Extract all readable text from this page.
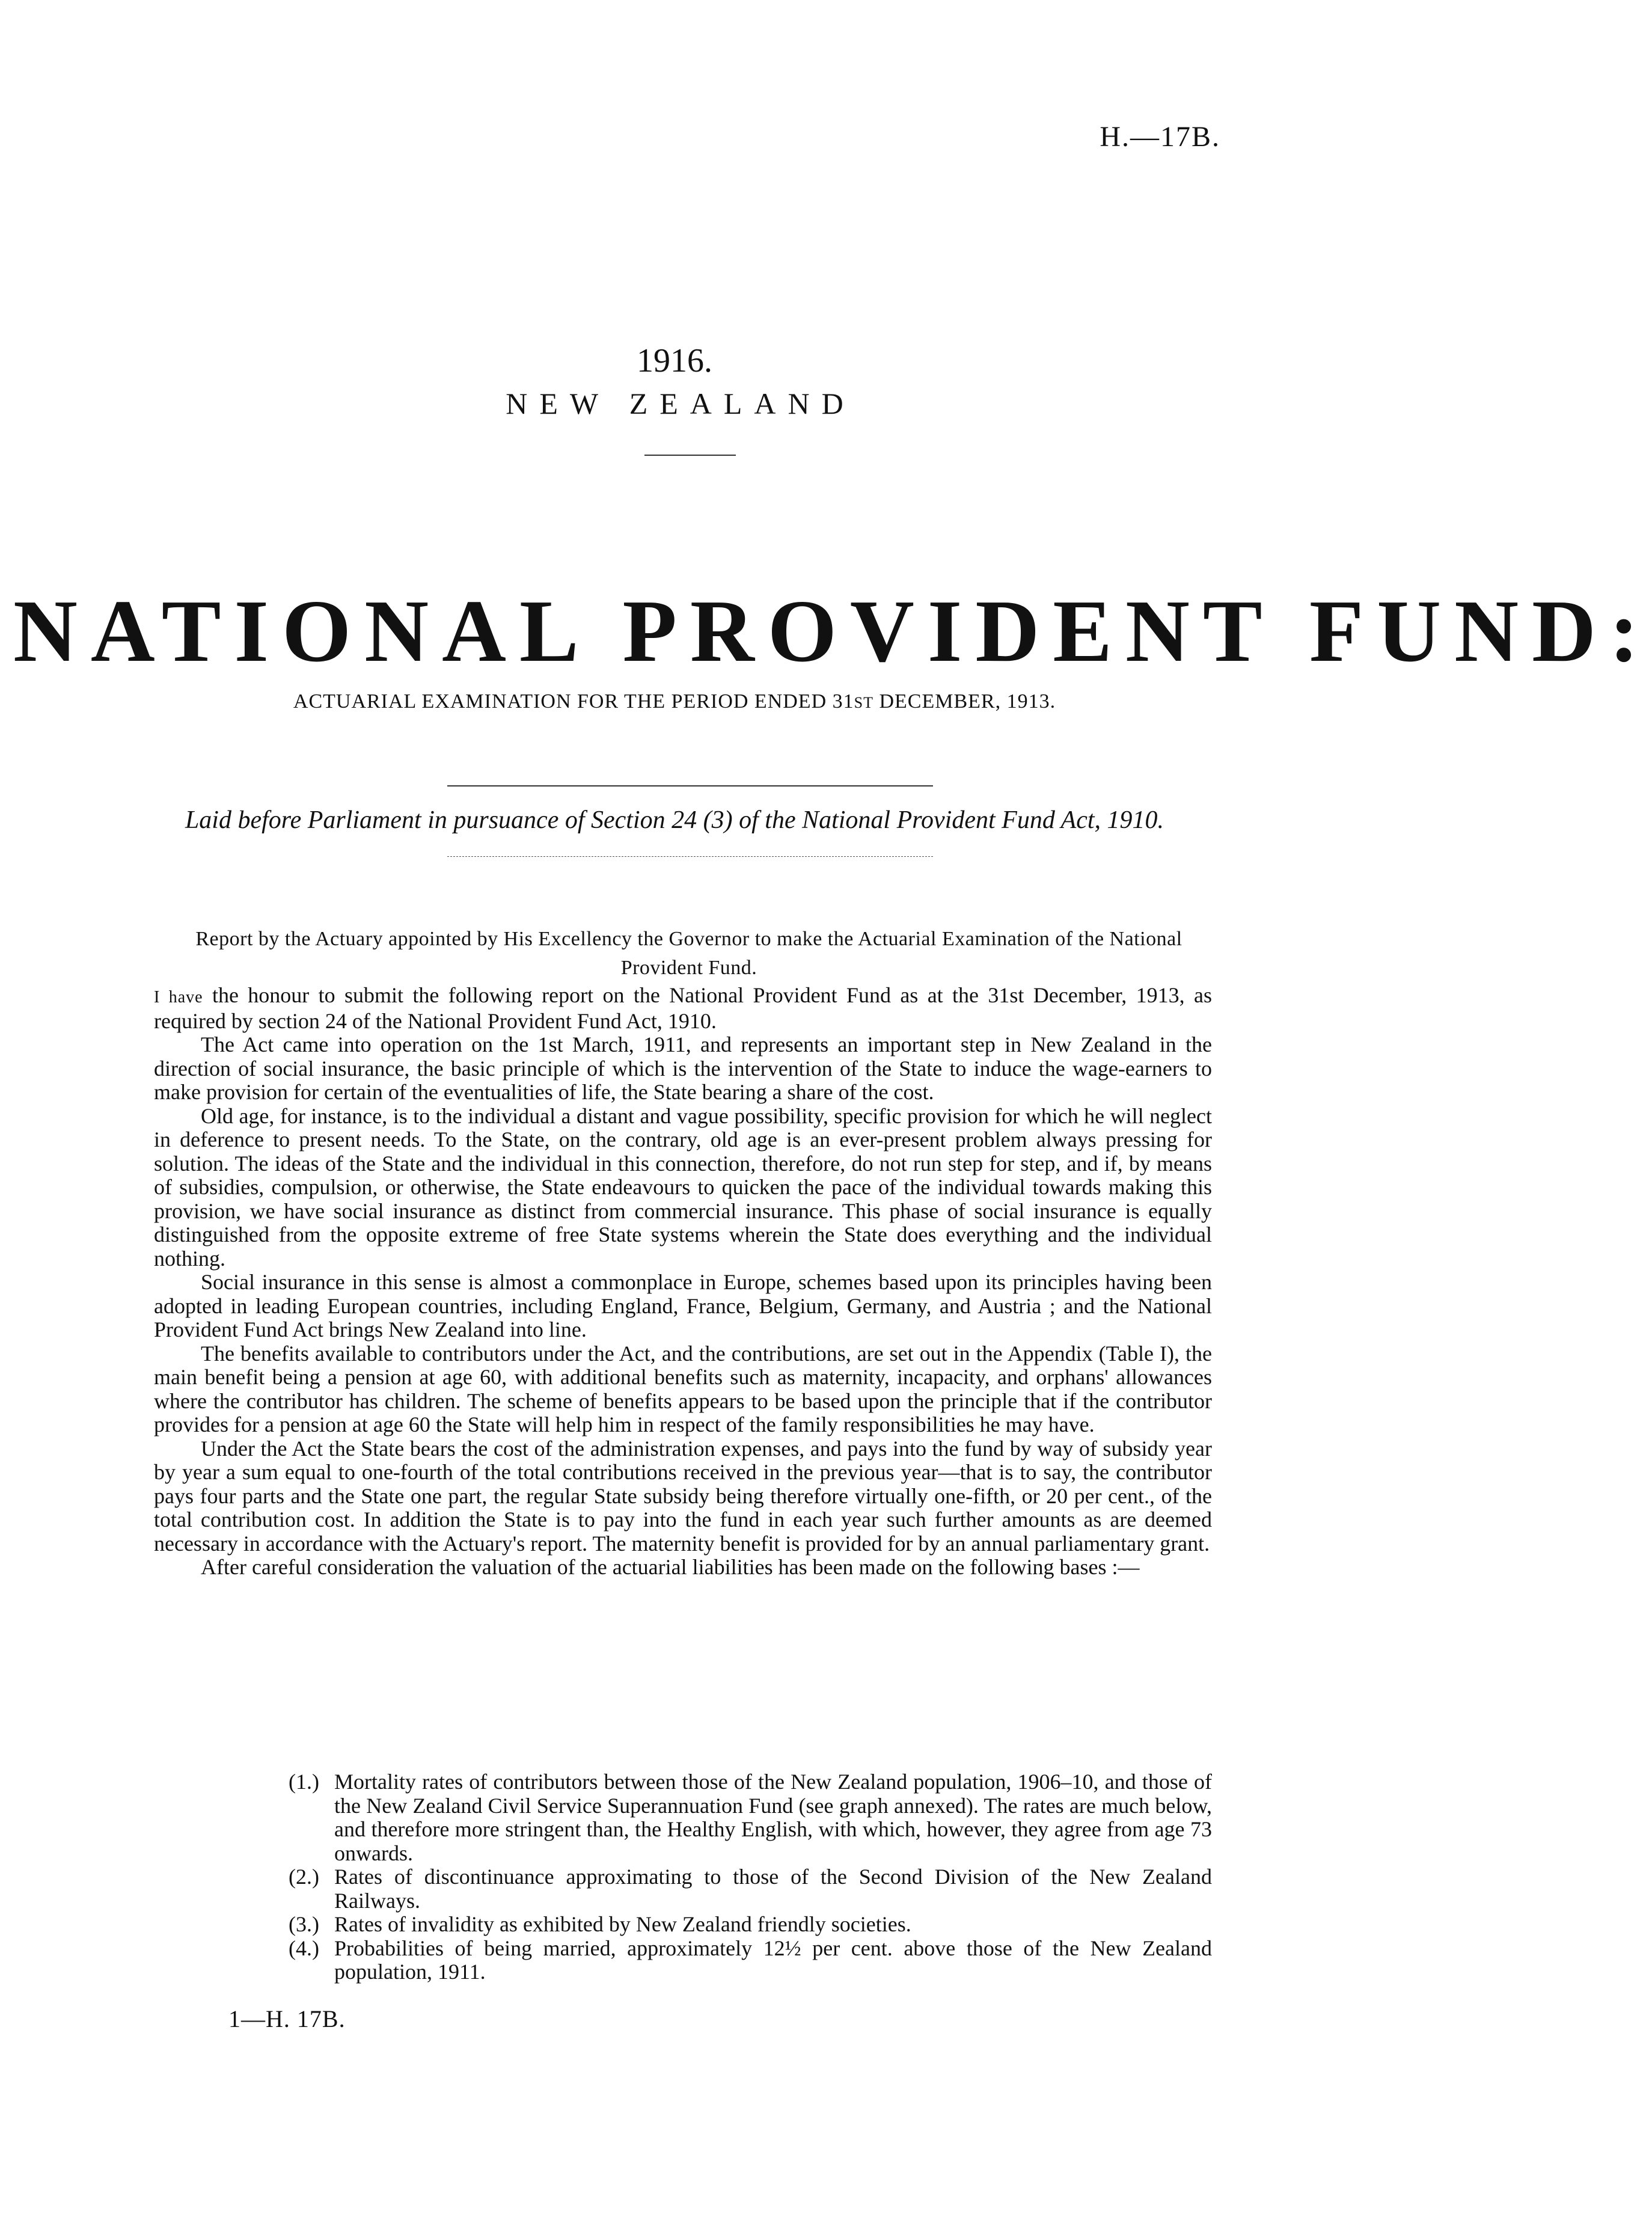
H.—17B.
1916.
NEW ZEALAND
NATIONAL PROVIDENT FUND:
ACTUARIAL EXAMINATION FOR THE PERIOD ENDED 31ST DECEMBER, 1913.
Laid before Parliament in pursuance of Section 24 (3) of the National Provident Fund Act, 1910.
Report by the Actuary appointed by His Excellency the Governor to make the Actuarial Examination of the National Provident Fund.

I have the honour to submit the following report on the National Provident Fund as at the 31st December, 1913, as required by section 24 of the National Provident Fund Act, 1910.

The Act came into operation on the 1st March, 1911, and represents an important step in New Zealand in the direction of social insurance, the basic principle of which is the intervention of the State to induce the wage-earners to make provision for certain of the eventualities of life, the State bearing a share of the cost.

Old age, for instance, is to the individual a distant and vague possibility, specific provision for which he will neglect in deference to present needs. To the State, on the contrary, old age is an ever-present problem always pressing for solution. The ideas of the State and the individual in this connection, therefore, do not run step for step, and if, by means of subsidies, compulsion, or otherwise, the State endeavours to quicken the pace of the individual towards making this provision, we have social insurance as distinct from commercial insurance. This phase of social insurance is equally distinguished from the opposite extreme of free State systems wherein the State does everything and the individual nothing.

Social insurance in this sense is almost a commonplace in Europe, schemes based upon its principles having been adopted in leading European countries, including England, France, Belgium, Germany, and Austria ; and the National Provident Fund Act brings New Zealand into line.

The benefits available to contributors under the Act, and the contributions, are set out in the Appendix (Table I), the main benefit being a pension at age 60, with additional benefits such as maternity, incapacity, and orphans' allowances where the contributor has children. The scheme of benefits appears to be based upon the principle that if the contributor provides for a pension at age 60 the State will help him in respect of the family responsibilities he may have.

Under the Act the State bears the cost of the administration expenses, and pays into the fund by way of subsidy year by year a sum equal to one-fourth of the total contributions received in the previous year—that is to say, the contributor pays four parts and the State one part, the regular State subsidy being therefore virtually one-fifth, or 20 per cent., of the total contribution cost. In addition the State is to pay into the fund in each year such further amounts as are deemed necessary in accordance with the Actuary's report. The maternity benefit is provided for by an annual parliamentary grant.

After careful consideration the valuation of the actuarial liabilities has been made on the following bases :—

(1.) Mortality rates of contributors between those of the New Zealand population, 1906–10, and those of the New Zealand Civil Service Superannuation Fund (see graph annexed). The rates are much below, and therefore more stringent than, the Healthy English, with which, however, they agree from age 73 onwards.
(2.) Rates of discontinuance approximating to those of the Second Division of the New Zealand Railways.
(3.) Rates of invalidity as exhibited by New Zealand friendly societies.
(4.) Probabilities of being married, approximately 12½ per cent. above those of the New Zealand population, 1911.
1—H. 17B.
